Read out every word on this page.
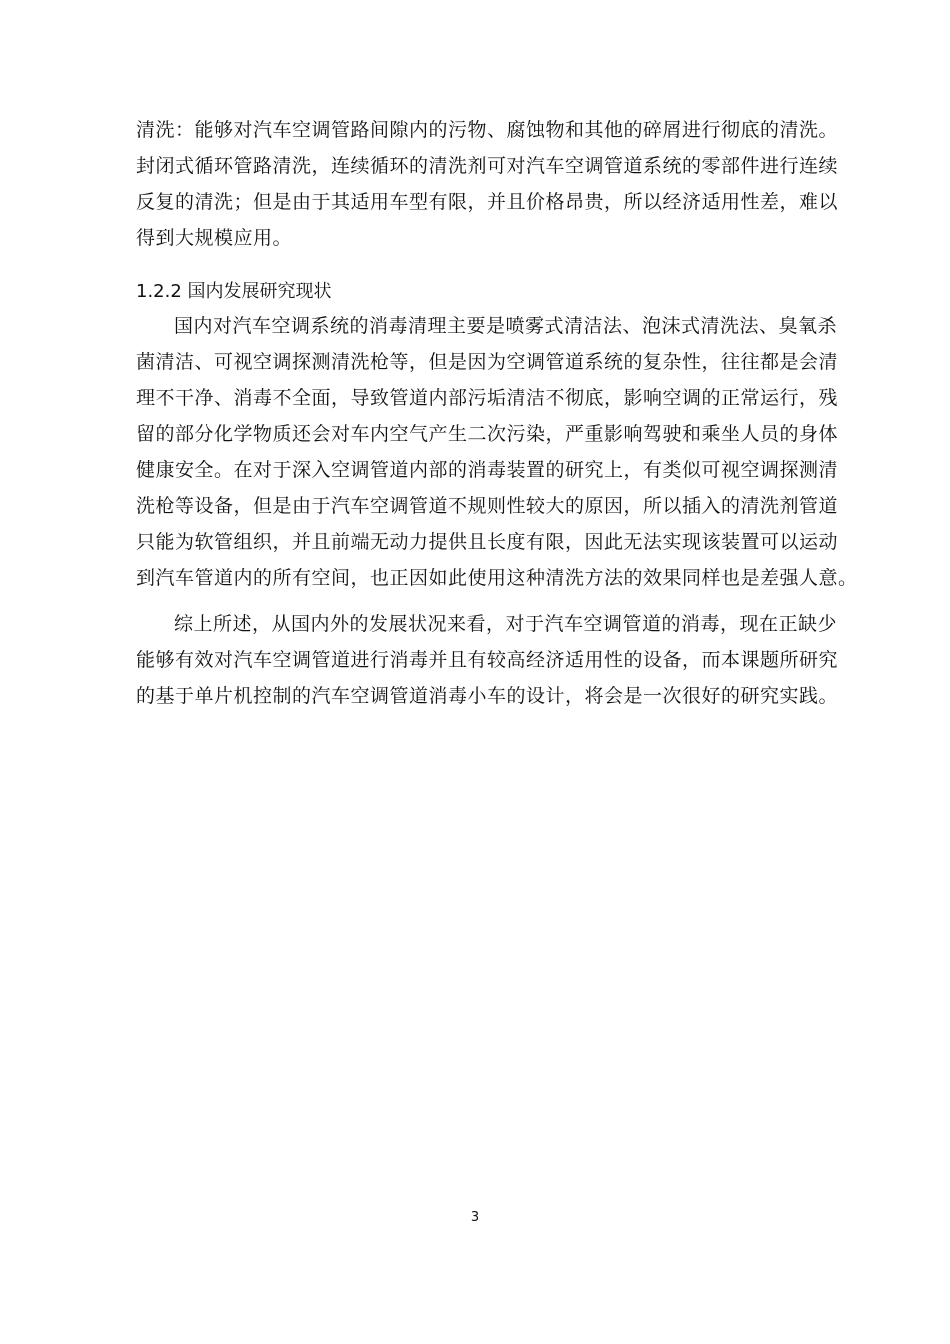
清洗：能够对汽车空调管路间隙内的污物、腐蚀物和其他的碎屑进行彻底的清洗。
封闭式循环管路清洗，连续循环的清洗剂可对汽车空调管道系统的零部件进行连续
反复的清洗；但是由于其适用车型有限，并且价格昂贵，所以经济适用性差，难以
得到大规模应用。
1.2.2 国内发展研究现状
国内对汽车空调系统的消毒清理主要是喷雾式清洁法、泡沫式清洗法、臭氧杀
菌清洁、可视空调探测清洗枪等，但是因为空调管道系统的复杂性，往往都是会清
理不干净、消毒不全面，导致管道内部污垢清洁不彻底，影响空调的正常运行，残
留的部分化学物质还会对车内空气产生二次污染，严重影响驾驶和乘坐人员的身体
健康安全。在对于深入空调管道内部的消毒装置的研究上，有类似可视空调探测清
洗枪等设备，但是由于汽车空调管道不规则性较大的原因，所以插入的清洗剂管道
只能为软管组织，并且前端无动力提供且长度有限，因此无法实现该装置可以运动
到汽车管道内的所有空间，也正因如此使用这种清洗方法的效果同样也是差强人意。
综上所述，从国内外的发展状况来看，对于汽车空调管道的消毒，现在正缺少
能够有效对汽车空调管道进行消毒并且有较高经济适用性的设备，而本课题所研究
的基于单片机控制的汽车空调管道消毒小车的设计，将会是一次很好的研究实践。
3
